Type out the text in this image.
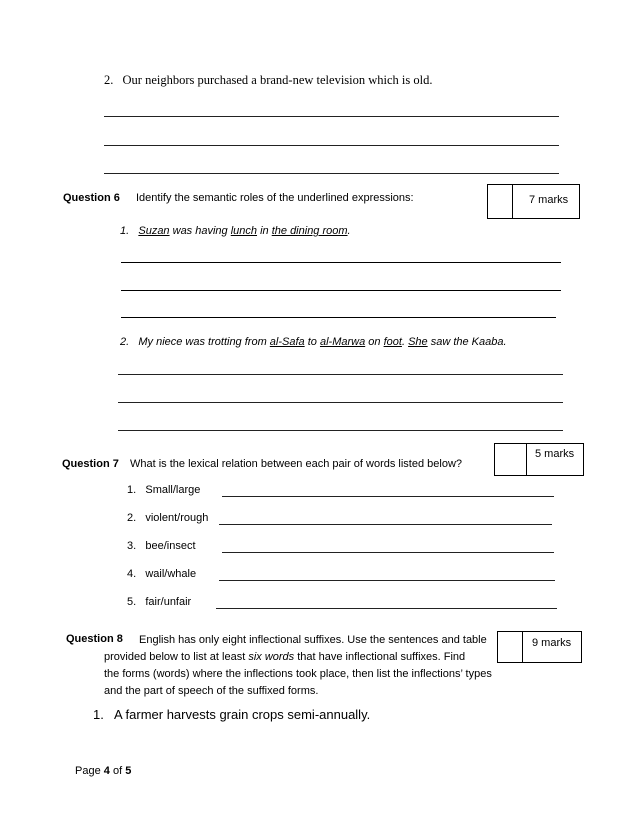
2. Our neighbors purchased a brand-new television which is old.
Question 6 Identify the semantic roles of the underlined expressions:	7 marks
1. Suzan was having lunch in the dining room.
2. My niece was trotting from al-Safa to al-Marwa on foot. She saw the Kaaba.
5 marks
Question 7 What is the lexical relation between each pair of words listed below?
1. Small/large
2. violent/rough
3. bee/insect
4. wail/whale
5. fair/unfair
Question 8	9 marks
English has only eight inflectional suffixes. Use the sentences and table
provided below to list at least six words that have inflectional suffixes. Find
the forms (words) where the inflections took place, then list the inflections’ types
and the part of speech of the suffixed forms.
1. A farmer harvests grain crops semi-annually.
Page 4 of 5
